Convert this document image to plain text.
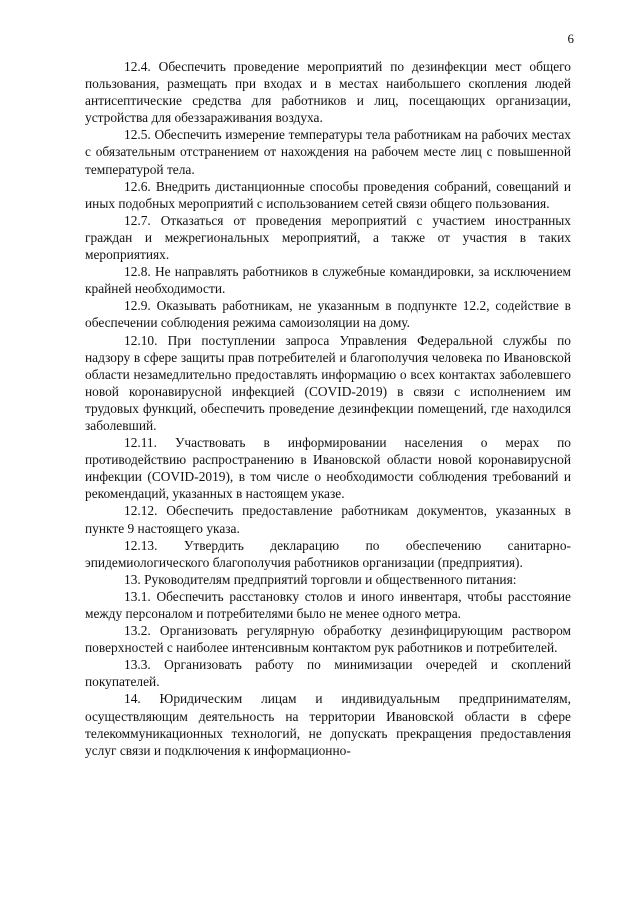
6

12.4. Обеспечить проведение мероприятий по дезинфекции мест общего пользования, размещать при входах и в местах наибольшего скопления людей антисептические средства для работников и лиц, посещающих организации, устройства для обеззараживания воздуха.

12.5. Обеспечить измерение температуры тела работникам на рабочих местах с обязательным отстранением от нахождения на рабочем месте лиц с повышенной температурой тела.

12.6. Внедрить дистанционные способы проведения собраний, совещаний и иных подобных мероприятий с использованием сетей связи общего пользования.

12.7. Отказаться от проведения мероприятий с участием иностранных граждан и межрегиональных мероприятий, а также от участия в таких мероприятиях.

12.8. Не направлять работников в служебные командировки, за исключением крайней необходимости.

12.9. Оказывать работникам, не указанным в подпункте 12.2, содействие в обеспечении соблюдения режима самоизоляции на дому.

12.10. При поступлении запроса Управления Федеральной службы по надзору в сфере защиты прав потребителей и благополучия человека по Ивановской области незамедлительно предоставлять информацию о всех контактах заболевшего новой коронавирусной инфекцией (COVID-2019) в связи с исполнением им трудовых функций, обеспечить проведение дезинфекции помещений, где находился заболевший.

12.11. Участвовать в информировании населения о мерах по противодействию распространению в Ивановской области новой коронавирусной инфекции (COVID-2019), в том числе о необходимости соблюдения требований и рекомендаций, указанных в настоящем указе.

12.12. Обеспечить предоставление работникам документов, указанных в пункте 9 настоящего указа.

12.13. Утвердить декларацию по обеспечению санитарно-эпидемиологического благополучия работников организации (предприятия).

13. Руководителям предприятий торговли и общественного питания:

13.1. Обеспечить расстановку столов и иного инвентаря, чтобы расстояние между персоналом и потребителями было не менее одного метра.

13.2. Организовать регулярную обработку дезинфицирующим раствором поверхностей с наиболее интенсивным контактом рук работников и потребителей.

13.3. Организовать работу по минимизации очередей и скоплений покупателей.

14. Юридическим лицам и индивидуальным предпринимателям, осуществляющим деятельность на территории Ивановской области в сфере телекоммуникационных технологий, не допускать прекращения предоставления услуг связи и подключения к информационно-
